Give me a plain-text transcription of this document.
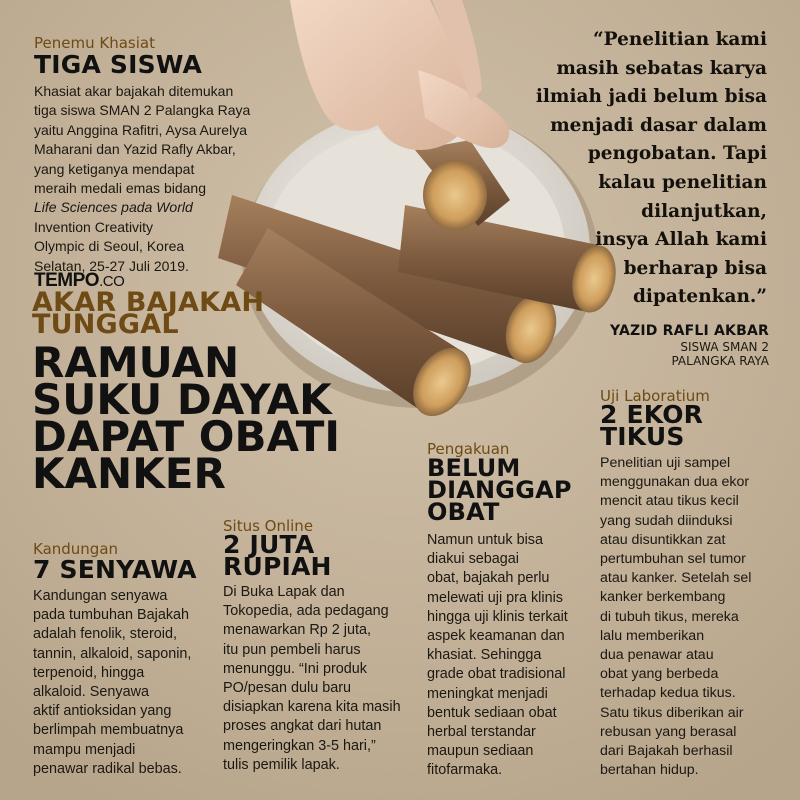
Penemu Khasiat
TIGA SISWA
Khasiat akar bajakah ditemukan
tiga siswa SMAN 2 Palangka Raya
yaitu Anggina Rafitri, Aysa Aurelya
Maharani dan Yazid Rafly Akbar,
yang ketiganya mendapat
meraih medali emas bidang
Life Sciences pada World
Invention Creativity
Olympic di Seoul, Korea
Selatan, 25-27 Juli 2019.
“Penelitian kami
masih sebatas karya
ilmiah jadi belum bisa
menjadi dasar dalam
pengobatan. Tapi
kalau penelitian
dilanjutkan,
insya Allah kami
berharap bisa
dipatenkan.”
YAZID RAFLI AKBAR
SISWA SMAN 2
PALANGKA RAYA
TEMPO.CO
AKAR BAJAKAH
TUNGGAL
RAMUAN
SUKU DAYAK
DAPAT OBATI
KANKER
Kandungan
7 SENYAWA
Kandungan senyawa
pada tumbuhan Bajakah
adalah fenolik, steroid,
tannin, alkaloid, saponin,
terpenoid, hingga
alkaloid. Senyawa
aktif antioksidan yang
berlimpah membuatnya
mampu menjadi
penawar radikal bebas.
Situs Online
2 JUTA
RUPIAH
Di Buka Lapak dan
Tokopedia, ada pedagang
menawarkan Rp 2 juta,
itu pun pembeli harus
menunggu. “Ini produk
PO/pesan dulu baru
disiapkan karena kita masih
proses angkat dari hutan
mengeringkan 3-5 hari,”
tulis pemilik lapak.
Pengakuan
BELUM
DIANGGAP
OBAT
Namun untuk bisa
diakui sebagai
obat, bajakah perlu
melewati uji pra klinis
hingga uji klinis terkait
aspek keamanan dan
khasiat. Sehingga
grade obat tradisional
meningkat menjadi
bentuk sediaan obat
herbal terstandar
maupun sediaan
fitofarmaka.
Uji Laboratium
2 EKOR
TIKUS
Penelitian uji sampel
menggunakan dua ekor
mencit atau tikus kecil
yang sudah diinduksi
atau disuntikkan zat
pertumbuhan sel tumor
atau kanker. Setelah sel
kanker berkembang
di tubuh tikus, mereka
lalu memberikan
dua penawar atau
obat yang berbeda
terhadap kedua tikus.
Satu tikus diberikan air
rebusan yang berasal
dari Bajakah berhasil
bertahan hidup.
